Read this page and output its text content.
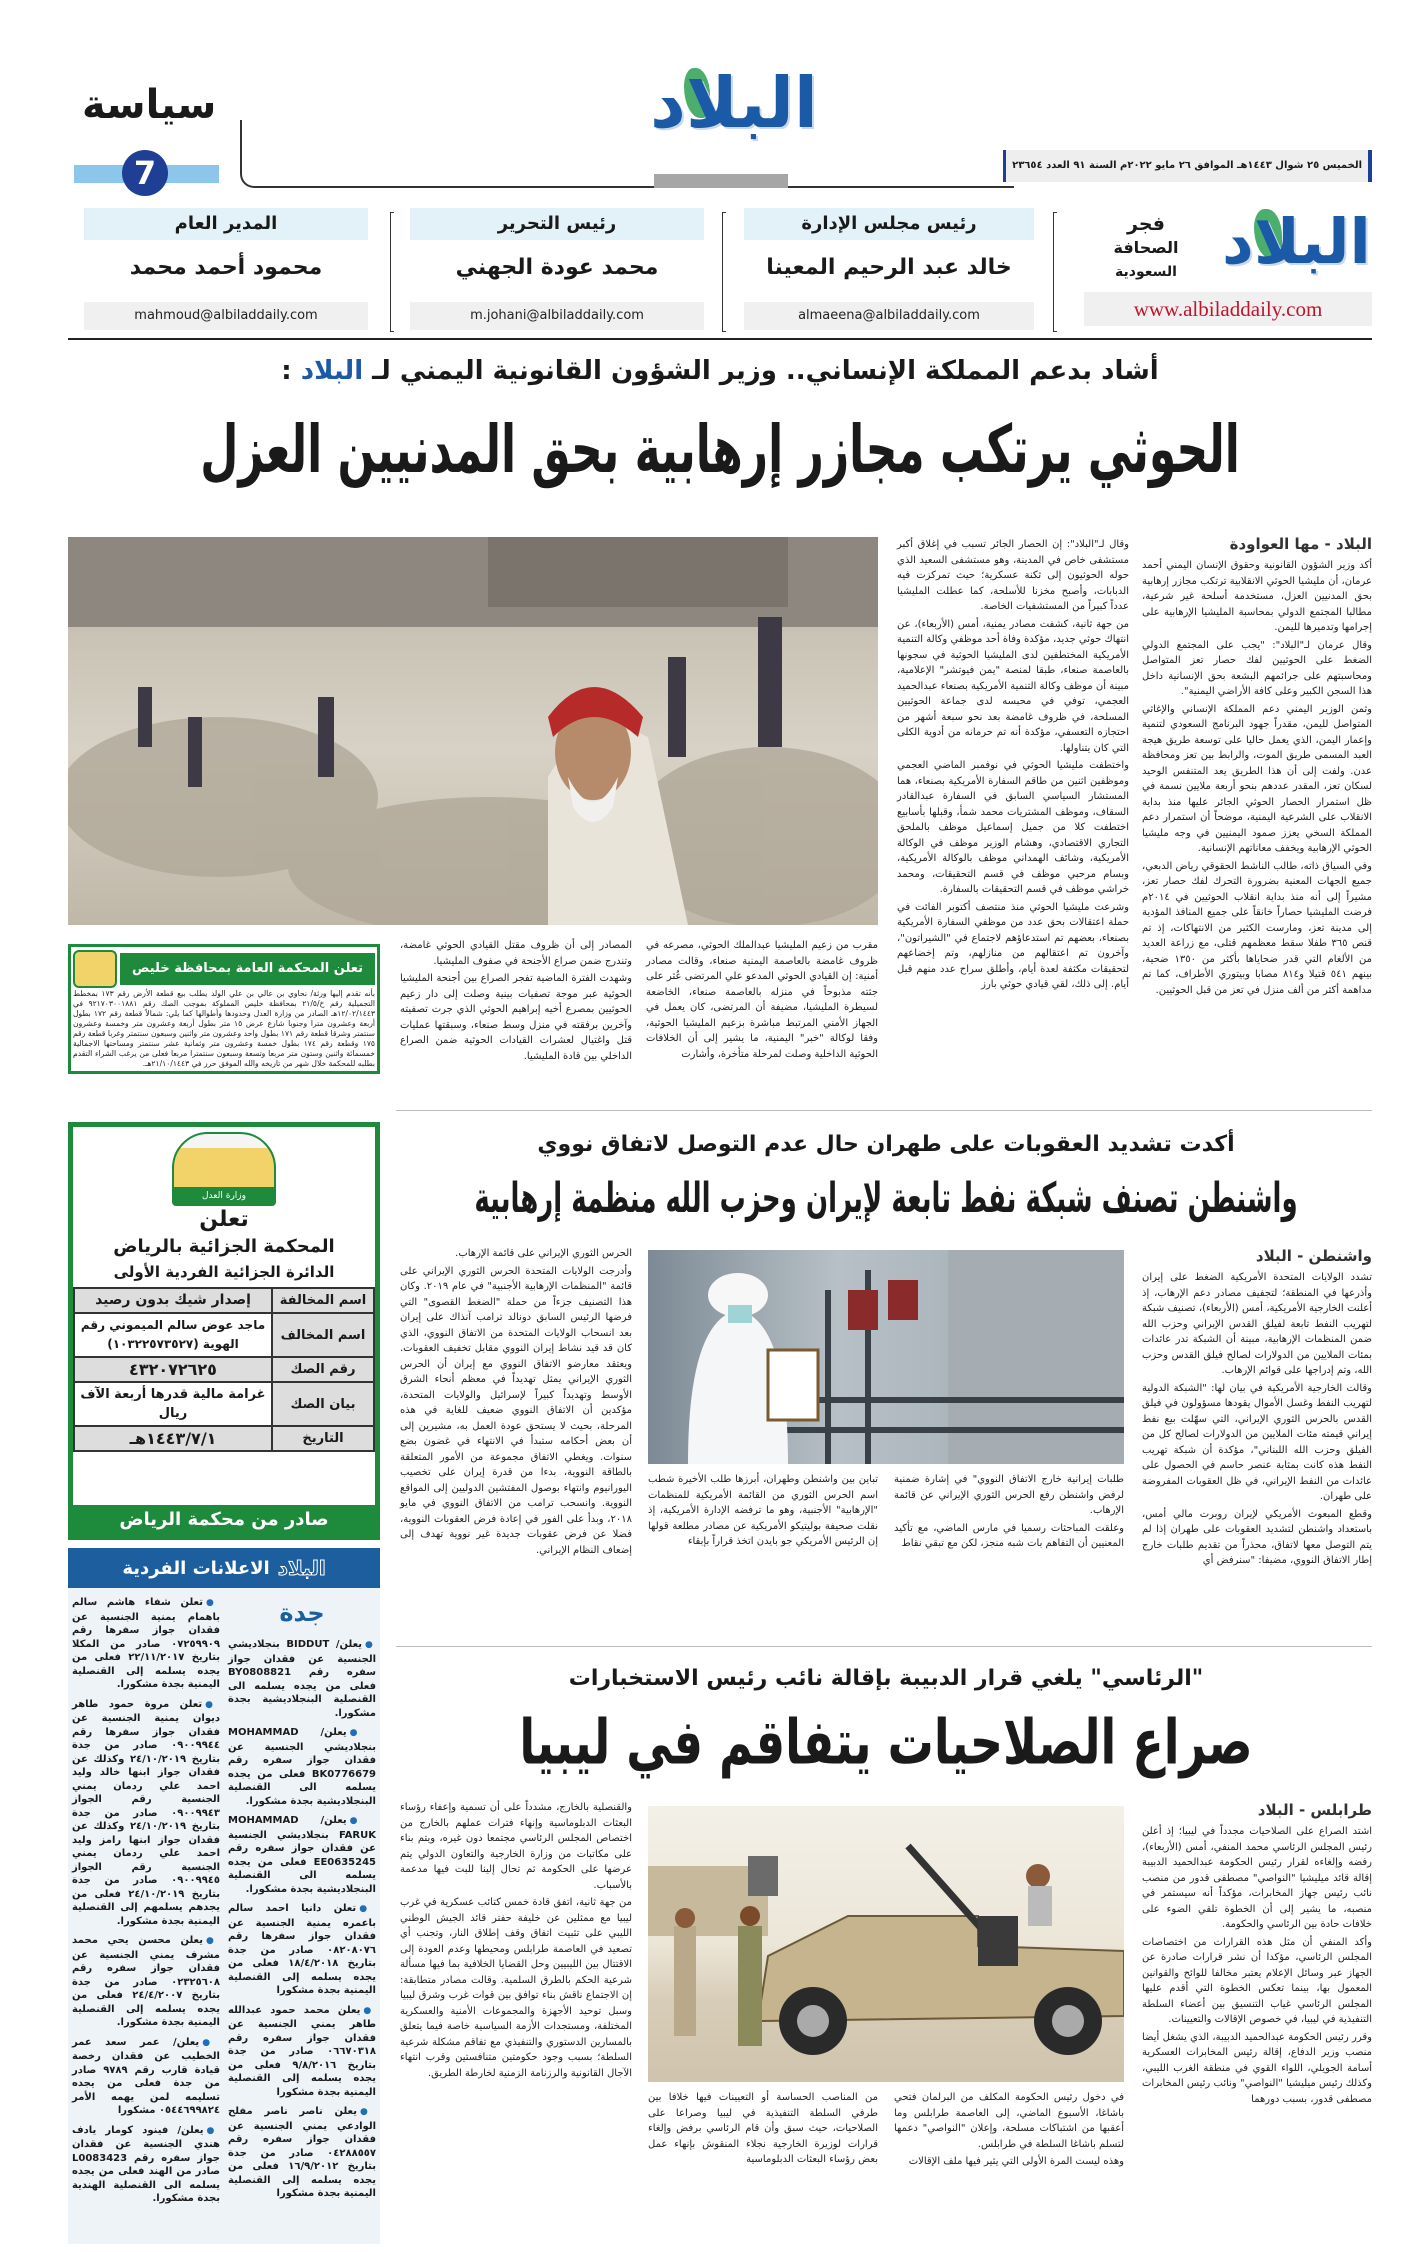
سياسة
7
البلاد
الخميس ٢٥ شوال ١٤٤٣هـ الموافق ٢٦ مايو ٢٠٢٢م السنة ٩١ العدد ٢٣٦٥٤
البلاد
فجر
الصحافة
السعودية
www.albiladdaily.com
رئيس مجلس الإدارة
خالد عبد الرحيم المعينا
almaeena@albiladdaily.com
رئيس التحرير
محمد عودة الجهني
m.johani@albiladdaily.com
المدير العام
محمود أحمد محمد
mahmoud@albiladdaily.com
أشاد بدعم المملكة الإنساني.. وزير الشؤون القانونية اليمني لـ البلاد :
الحوثي يرتكب مجازر إرهابية بحق المدنيين العزل
البلاد - مها العواودة

أكد وزير الشؤون القانونية وحقوق الإنسان اليمني أحمد عرمان، أن مليشيا الحوثي الانقلابية ترتكب مجازر إرهابية بحق المدنيين العزل، مستخدمة أسلحة غير شرعية، مطالبا المجتمع الدولي بمحاسبة المليشيا الإرهابية على إجرامها وتدميرها لليمن.

وقال عرمان لـ"البلاد": "يجب على المجتمع الدولي الضغط على الحوثيين لفك حصار تعز المتواصل ومحاسبتهم على جرائمهم البشعة بحق الإنسانية داخل هذا السجن الكبير وعلى كافة الأراضي اليمنية".

وثمن الوزير اليمني دعم المملكة الإنساني والإغاثي المتواصل لليمن، مقدراً جهود البرنامج السعودي لتنمية وإعمار اليمن، الذي يعمل حاليا على توسعة طريق هيجة العبد المسمى طريق الموت، والرابط بين تعز ومحافظة عدن. ولفت إلى أن هذا الطريق يعد المتنفس الوحيد لسكان تعز، المقدر عددهم بنحو أربعة ملايين نسمة في ظل استمرار الحصار الحوثي الجائر عليها منذ بداية الانقلاب على الشرعية اليمنية، موضحاً أن استمرار دعم المملكة السخي يعزز صمود اليمنيين في وجه مليشيا الحوثي الإرهابية ويخفف معاناتهم الإنسانية.

وفي السياق ذاته، طالب الناشط الحقوقي رياض الدبعي، جميع الجهات المعنية بضرورة التحرك لفك حصار تعز، مشيراً إلى أنه منذ بداية انقلاب الحوثيين في ٢٠١٤م فرضت المليشيا حصاراً خانقاً على جميع المنافذ المؤدية إلى مدينة تعز، ومارست الكثير من الانتهاكات، إذ تم قنص ٣٦٥ طفلا سقط معظمهم قتلى، مع زراعة العديد من الألغام التي قدر ضحاياها بأكثر من ١٣٥٠ ضحية، بينهم ٥٤١ قتيلا و٨١٤ مصابا وبيتوري الأطراف، كما تم مداهمة أكثر من ألف منزل في تعز من قبل الحوثيين.

وقال لـ"البلاد": إن الحصار الجائر تسبب في إغلاق أكبر مستشفى خاص في المدينة، وهو مستشفى السعيد الذي حوله الحوثيون إلى ثكنة عسكرية؛ حيث تمركزت فيه الدبابات، وأصبح مخزنا للأسلحة، كما عطلت المليشيا عدداً كبيراً من المستشفيات الخاصة.

من جهة ثانية، كشفت مصادر يمنية، أمس (الأربعاء)، عن انتهاك حوثي جديد، مؤكدة وفاة أحد موظفي وكالة التنمية الأمريكية المختطفين لدى المليشيا الحوثية في سجونها بالعاصمة صنعاء، طبقا لمنصة "يمن فيوتشر" الإعلامية، مبينة أن موظف وكالة التنمية الأمريكية بصنعاء عبدالحميد العجمي، توفي في محبسه لدى جماعة الحوثيين المسلحة، في ظروف غامضة بعد نحو سبعة أشهر من احتجازه التعسفي، مؤكدة أنه تم حرمانه من أدوية الكلى التي كان يتناولها.

واختطفت مليشيا الحوثي في نوفمبر الماضي العجمي وموظفين اثنين من طاقم السفارة الأمريكية بصنعاء، هما المستشار السياسي السابق في السفارة عبدالقادر السقاف، وموظف المشتريات محمد شمأ، وقبلها بأسابيع اختطفت كلا من جميل إسماعيل موظف بالملحق التجاري الاقتصادي، وهشام الوزير موظف في الوكالة الأمريكية، وشائف الهمداني موظف بالوكالة الأمريكية، وبسام مرحبي موظف في قسم التحقيقات، ومحمد خراشي موظف في قسم التحقيقات بالسفارة.

وشرعت مليشيا الحوثي منذ منتصف أكتوبر الفائت في حملة اعتقالات بحق عدد من موظفي السفارة الأمريكية بصنعاء، بعضهم تم استدعاؤهم لاجتماع في "الشيراتون"، وآخرون تم اعتقالهم من منازلهم، وتم إخضاعهم لتحقيقات مكثفة لعدة أيام، وأطلق سراح عدد منهم قبل أيام. إلى ذلك، لقي قيادي حوثي بارز

مقرب من زعيم المليشيا عبدالملك الحوثي، مصرعه في ظروف غامضة بالعاصمة اليمنية صنعاء، وقالت مصادر أمنية: إن القيادي الحوثي المدعو علي المرتضى عُثر على جثته مذبوحاً في منزله بالعاصمة صنعاء، الخاضعة لسيطرة المليشيا، مضيفة أن المرتضى، كان يعمل في الجهاز الأمني المرتبط مباشرة بزعيم المليشيا الحوثية، وفقا لوكالة "خبر" اليمنية، ما يشير إلى أن الخلافات الحوثية الداخلية وصلت لمرحلة متأخرة، وأشارت

المصادر إلى أن ظروف مقتل القيادي الحوثي غامضة، وتندرج ضمن صراع الأجنحة في صفوف المليشيا.

وشهدت الفترة الماضية تفجر الصراع بين أجنحة المليشيا الحوثية عبر موجة تصفيات بينية وصلت إلى دار زعيم الحوثيين بمصرع أخيه إبراهيم الحوثي الذي جرت تصفيته وآخرين برفقته في منزل وسط صنعاء، وسبقتها عمليات قتل واغتيال لعشرات القيادات الحوثية ضمن الصراع الداخلي بين قادة المليشيا.

تعلن المحكمة العامة بمحافظة خليص
بأنه تقدم إليها ورثة/ نحاوي بن عالي بن علي الولد يطلب بيع قطعة الأرض رقم ١٧٣ بمخطط التجميلية رقم خ/٢١/٥ بمحافظة خليص المملوكة بموجب الصك رقم ٩٢١٧٠٣٠٠١٨٨١ في ١٢/٠٢/١٤٤٣هـ الصادر من وزارة العدل وحدودها وأطوالها كما يلي: شمالاً قطعة رقم ١٧٢ بطول أربعة وعشرون مترا وجنوبا شارع عرض ١٥ متر بطول أربعة وعشرون متر وخمسة وعشرون سنتمتر وشرقا قطعة رقم ١٧١ بطول واحد وعشرون متر واثنين وسبعون سنتمتر وغربا قطعة رقم ١٧٥ وقطعة رقم ١٧٤ بطول خمسة وعشرون متر وثمانية عشر سنتمتر ومساحتها الاجمالية خمسمائة واثنين وستون متر مربعا وتسعة وسبعون سنتمترا مربعا فعلى من يرغب الشراء التقدم بطلبه للمحكمة خلال شهر من تاريخه والله الموفق حرر في ٢١/١٠/١٤٤٣هـ.
وزارة العدل
تعلن
المحكمة الجزائية بالرياض
الدائرة الجزائية الفردية الأولى
اسم المخالفة	إصدار شيك بدون رصيد
اسم المخالف	ماجد عوض سالم الميموني رقم الهوية (١٠٣٢٢٥٧٣٥٢٧)
رقم الصك	٤٣٢٠٧٢٦٢٥
بيان الصك	غرامة مالية قدرها أربعة الآف ريال
التاريخ	١٤٤٣/٧/١هـ
صادر من محكمة الرياض
البلاد
الاعلانات الفردية
جدة

● يعلن/ BIDDUT بنجلاديشي الجنسية عن فقدان جواز سفره رقم BY0808821 فعلى من يجده يسلمه الى القنصلية البنجلاديشية بجدة مشكورا.

● يعلن/ MOHAMMAD بنجلاديشي الجنسية عن فقدان جواز سفره رقم BK0776679 فعلى من يجده يسلمه الى القنصلية البنجلاديشية بجدة مشكورا.

● يعلن/ MOHAMMAD FARUK بنجلاديشي الجنسية عن فقدان جواز سفره رقم EE0635245 فعلى من يجده يسلمه الى القنصلية البنجلاديشية بجدة مشكورا.

● تعلن دانيا احمد سالم باعمره يمنية الجنسية عن فقدان جواز سفرها رقم ٠٨٢٠٨٠٧٦ صادر من جدة بتاريخ ١٨/٤/٢٠١٨ فعلى من يجده يسلمه إلى القنصلية اليمنية بجدة مشكورا

● يعلن محمد حمود عبدالله طاهر يمني الجنسية عن فقدان جواز سفره رقم ٠٦٦٧٠٣١٨ صادر من جدة بتاريخ ٩/٨/٢٠١٦ فعلى من يجده يسلمه إلى القنصلية اليمنية بجدة مشكورا

● يعلن ناصر ناصر مفلح الوادعي يمني الجنسية عن فقدان جواز سفره رقم ٠٤٢٨٨٥٥٧ صادر من جدة بتاريخ ١٦/٩/٢٠١٢ فعلى من يجده يسلمه إلى القنصلية اليمنية بجدة مشكورا

● تعلن شفاء هاشم سالم باهمام يمنية الجنسية عن فقدان جواز سفرها رقم ٠٧٢٥٩٩٠٩ صادر من المكلا بتاريخ ٢٢/١١/٢٠١٧ فعلى من يجده يسلمه إلى القنصلية اليمنية بجدة مشكورا.

● تعلن مروة حمود طاهر ديوان يمنية الجنسية عن فقدان جواز سفرها رقم ٠٩٠٠٩٩٤٤ صادر من جدة بتاريخ ٢٤/١٠/٢٠١٩ وكذلك عن فقدان جواز ابنها خالد وليد احمد علي ردمان يمني الجنسية رقم الجواز ٠٩٠٠٩٩٤٣ صادر من جدة بتاريخ ٢٤/١٠/٢٠١٩ وكذلك عن فقدان جواز ابنها رامز وليد احمد علي ردمان يمني الجنسية رقم الجواز ٠٩٠٠٩٩٤٥ صادر من جدة بتاريخ ٢٤/١٠/٢٠١٩ فعلى من يجدهم يسلمهم إلى القنصلية اليمنية بجدة مشكورا.

● يعلن محسن يحي محمد مشرف يمني الجنسية عن فقدان جواز سفره رقم ٠٢٣٢٥٦٠٨ صادر من جدة بتاريخ ٢٤/٤/٢٠٠٧ فعلى من يجده يسلمه إلى القنصلية اليمنية بجدة مشكورا.

● يعلن/ عمر سعد عمر الخطيب عن فقدان رخصة قيادة قارب رقم ٩٧٨٩ صادر من جدة فعلى من يجده تسليمه لمن يهمه الأمر ٠٥٤٤٦٩٩٨٢٤ مشكورا

● يعلن/ فينود كومار يادف هندي الجنسية عن فقدان جواز سفره رقم L0083423 صادر من الهند فعلى من يجده يسلمه الى القنصلية الهندية بجدة مشكورا.

أكدت تشديد العقوبات على طهران حال عدم التوصل لاتفاق نووي
واشنطن تصنف شبكة نفط تابعة لإيران وحزب الله منظمة إرهابية
واشنطن - البلاد

تشدد الولايات المتحدة الأمريكية الضغط على إيران وأذرعها في المنطقة؛ لتجفيف مصادر دعم الإرهاب، إذ أعلنت الخارجية الأمريكية، أمس (الأربعاء)، تصنيف شبكة لتهريب النفط تابعة لفيلق القدس الإيراني وحزب الله ضمن المنظمات الإرهابية، مبينة أن الشبكة تدر عائدات بمئات الملايين من الدولارات لصالح فيلق القدس وحزب الله، وتم إدراجها على قوائم الإرهاب.

وقالت الخارجية الأمريكية في بيان لها: "الشبكة الدولية لتهريب النفط وغسل الأموال يقودها مسؤولون في فيلق القدس بالحرس الثوري الإيراني، التي سهّلت بيع نفط إيراني قيمته مئات الملايين من الدولارات لصالح كل من الفيلق وحزب الله اللبناني"، مؤكدة أن شبكة تهريب النفط هذه كانت بمثابة عنصر حاسم في الحصول على عائدات من النفط الإيراني، في ظل العقوبات المفروضة على طهران.

وقطع المبعوث الأمريكي لإيران روبرت مالي أمس، باستعداد واشنطن لتشديد العقوبات على طهران إذا لم يتم التوصل معها لاتفاق، محذراً من تقديم طلبات خارج إطار الاتفاق النووي، مضيفا: "سنرفض أي

طلبات إيرانية خارج الاتفاق النووي" في إشارة ضمنية لرفض واشنطن رفع الحرس الثوري الإيراني عن قائمة الإرهاب.

وعلقت المباحثات رسميا في مارس الماضي، مع تأكيد المعنيين أن التفاهم بات شبه منجز، لكن مع تبقي نقاط

تباين بين واشنطن وطهران، أبرزها طلب الأخيرة شطب اسم الحرس الثوري من القائمة الأمريكية للمنظمات "الإرهابية" الأجنبية، وهو ما ترفضه الإدارة الأمريكية، إذ نقلت صحيفة بوليتيكو الأمريكية عن مصادر مطلعة قولها إن الرئيس الأمريكي جو بايدن اتخذ قراراً بإبقاء

الحرس الثوري الإيراني على قائمة الإرهاب.

وأدرجت الولايات المتحدة الحرس الثوري الإيراني على قائمة "المنظمات الإرهابية الأجنبية" في عام ٢٠١٩. وكان هذا التصنيف جزءاً من حملة "الضغط القصوى" التي فرضها الرئيس السابق دونالد ترامب آنذاك على إيران بعد انسحاب الولايات المتحدة من الاتفاق النووي، الذي كان قد قيد نشاط إيران النووي مقابل تخفيف العقوبات. ويعتقد معارضو الاتفاق النووي مع إيران أن الحرس الثوري الإيراني يمثل تهديداً في معظم أنحاء الشرق الأوسط وتهديداً كبيراً لإسرائيل والولايات المتحدة، مؤكدين أن الاتفاق النووي ضعيف للغاية في هذه المرحلة، بحيث لا يستحق عودة العمل به، مشيرين إلى أن بعض أحكامه ستبدأ في الانتهاء في غضون بضع سنوات. ويغطي الاتفاق مجموعة من الأمور المتعلقة بالطاقة النووية، بدءا من قدرة إيران على تخصيب اليورانيوم وانتهاء بوصول المفتشين الدوليين إلى المواقع النووية. وانسحب ترامب من الاتفاق النووي في مايو ٢٠١٨، وبدأ على الفور في إعادة فرض العقوبات النووية، فضلا عن فرض عقوبات جديدة غير نووية تهدف إلى إضعاف النظام الإيراني.

"الرئاسي" يلغي قرار الدبيبة بإقالة نائب رئيس الاستخبارات
صراع الصلاحيات يتفاقم في ليبيا
طرابلس - البلاد

اشتد الصراع على الصلاحيات مجدداً في ليبيا؛ إذ أعلن رئيس المجلس الرئاسي محمد المنفي، أمس (الأربعاء)، رفضه وإلغاءه لقرار رئيس الحكومة عبدالحميد الدبيبة إقالة قائد ميليشيا "النواصي" مصطفى قدور من منصب نائب رئيس جهاز المخابرات، مؤكداً أنه سيستمر في منصبه، ما يشير إلى أن الخطوة تلقي الضوء على خلافات حادة بين الرئاسي والحكومة.

وأكد المنفي أن مثل هذه القرارات من اختصاصات المجلس الرئاسي، مؤكدا أن نشر قرارات صادرة عن الجهاز عبر وسائل الإعلام يعتبر مخالفا للوائح والقوانين المعمول بها، بينما تعكس الخطوة التي أقدم عليها المجلس الرئاسي غياب التنسيق بين أعضاء السلطة التنفيذية في ليبيا، في خصوص الإقالات والتعيينات.

وقرر رئيس الحكومة عبدالحميد الدبيبة، الذي يشغل أيضا منصب وزير الدفاع، إقالة رئيس المخابرات العسكرية أسامة الجويلي، اللواء القوي في منطقة الغرب الليبي، وكذلك رئيس ميليشيا "النواصي" ونائب رئيس المخابرات مصطفى قدور، بسبب دورهما

في دخول رئيس الحكومة المكلف من البرلمان فتحي باشاغا، الأسبوع الماضي، إلى العاصمة طرابلس وما أعقبها من اشتباكات مسلحة، وإعلان "النواصي" دعمها لتسلم باشاغا السلطة في طرابلس.

وهذه ليست المرة الأولى التي يثير فيها ملف الإقالات

من المناصب الحساسة أو التعيينات فيها خلافا بين طرفي السلطة التنفيذية في ليبيا وصراعا على الصلاحيات، حيث سبق وأن قام الرئاسي برفض وإلغاء قرارات لوزيرة الخارجية نجلاء المنقوش بإنهاء عمل بعض رؤساء البعثات الدبلوماسية

والقنصلية بالخارج، مشدداً على أن تسمية وإعفاء رؤساء البعثات الدبلوماسية وإنهاء فترات عملهم بالخارج من اختصاص المجلس الرئاسي مجتمعا دون غيره، ويتم بناء على مكاتبات من وزارة الخارجية والتعاون الدولي يتم عرضها على الحكومة ثم تحال إلينا للبت فيها مدعمة بالأسباب.

من جهة ثانية، اتفق قادة خمس كتائب عسكرية في غرب ليبيا مع ممثلين عن خليفة حفتر قائد الجيش الوطني الليبي على تثبيت اتفاق وقف إطلاق النار، وتجنب أي تصعيد في العاصمة طرابلس ومحيطها وعدم العودة إلى الاقتتال بين الليبيين وحل القضايا الخلافية بما فيها مسألة شرعية الحكم بالطرق السلمية. وقالت مصادر متطابقة: إن الاجتماع ناقش بناء توافق بين قوات غرب وشرق ليبيا وسبل توحيد الأجهزة والمجموعات الأمنية والعسكرية المختلفة، ومستجدات الأزمة السياسية خاصة فيما يتعلق بالمسارين الدستوري والتنفيذي مع تفاقم مشكلة شرعية السلطة؛ بسبب وجود حكومتين متنافستين وقرب انتهاء الآجال القانونية والرزنامة الزمنية لخارطة الطريق.
